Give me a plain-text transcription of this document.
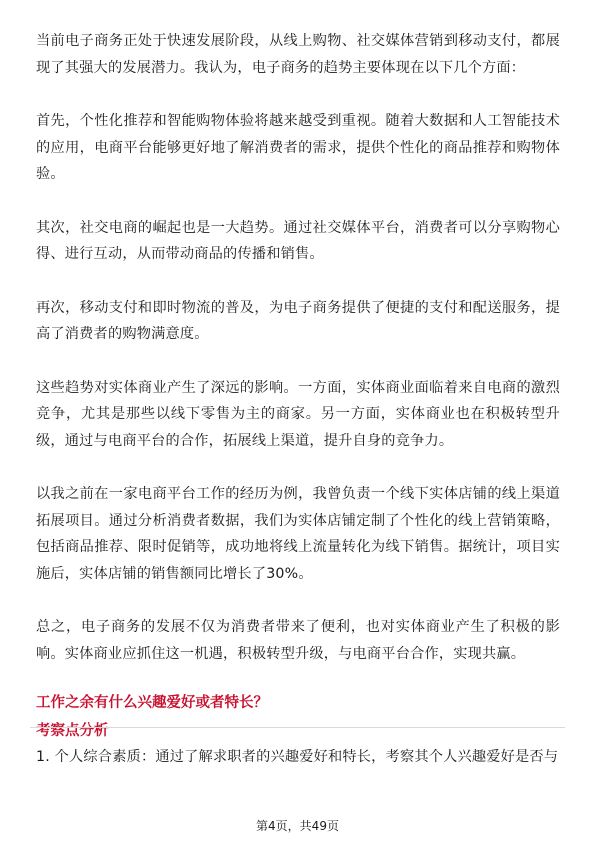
当前电子商务正处于快速发展阶段，从线上购物、社交媒体营销到移动支付，都展现了其强大的发展潜力。我认为，电子商务的趋势主要体现在以下几个方面：

首先，个性化推荐和智能购物体验将越来越受到重视。随着大数据和人工智能技术的应用，电商平台能够更好地了解消费者的需求，提供个性化的商品推荐和购物体验。

其次，社交电商的崛起也是一大趋势。通过社交媒体平台，消费者可以分享购物心得、进行互动，从而带动商品的传播和销售。

再次，移动支付和即时物流的普及，为电子商务提供了便捷的支付和配送服务，提高了消费者的购物满意度。

这些趋势对实体商业产生了深远的影响。一方面，实体商业面临着来自电商的激烈竞争，尤其是那些以线下零售为主的商家。另一方面，实体商业也在积极转型升级，通过与电商平台的合作，拓展线上渠道，提升自身的竞争力。

以我之前在一家电商平台工作的经历为例，我曾负责一个线下实体店铺的线上渠道拓展项目。通过分析消费者数据，我们为实体店铺定制了个性化的线上营销策略，包括商品推荐、限时促销等，成功地将线上流量转化为线下销售。据统计，项目实施后，实体店铺的销售额同比增长了30%。

总之，电子商务的发展不仅为消费者带来了便利，也对实体商业产生了积极的影响。实体商业应抓住这一机遇，积极转型升级，与电商平台合作，实现共赢。

工作之余有什么兴趣爱好或者特长？
考察点分析

1. 个人综合素质：通过了解求职者的兴趣爱好和特长，考察其个人兴趣爱好是否与

第4页，共49页
